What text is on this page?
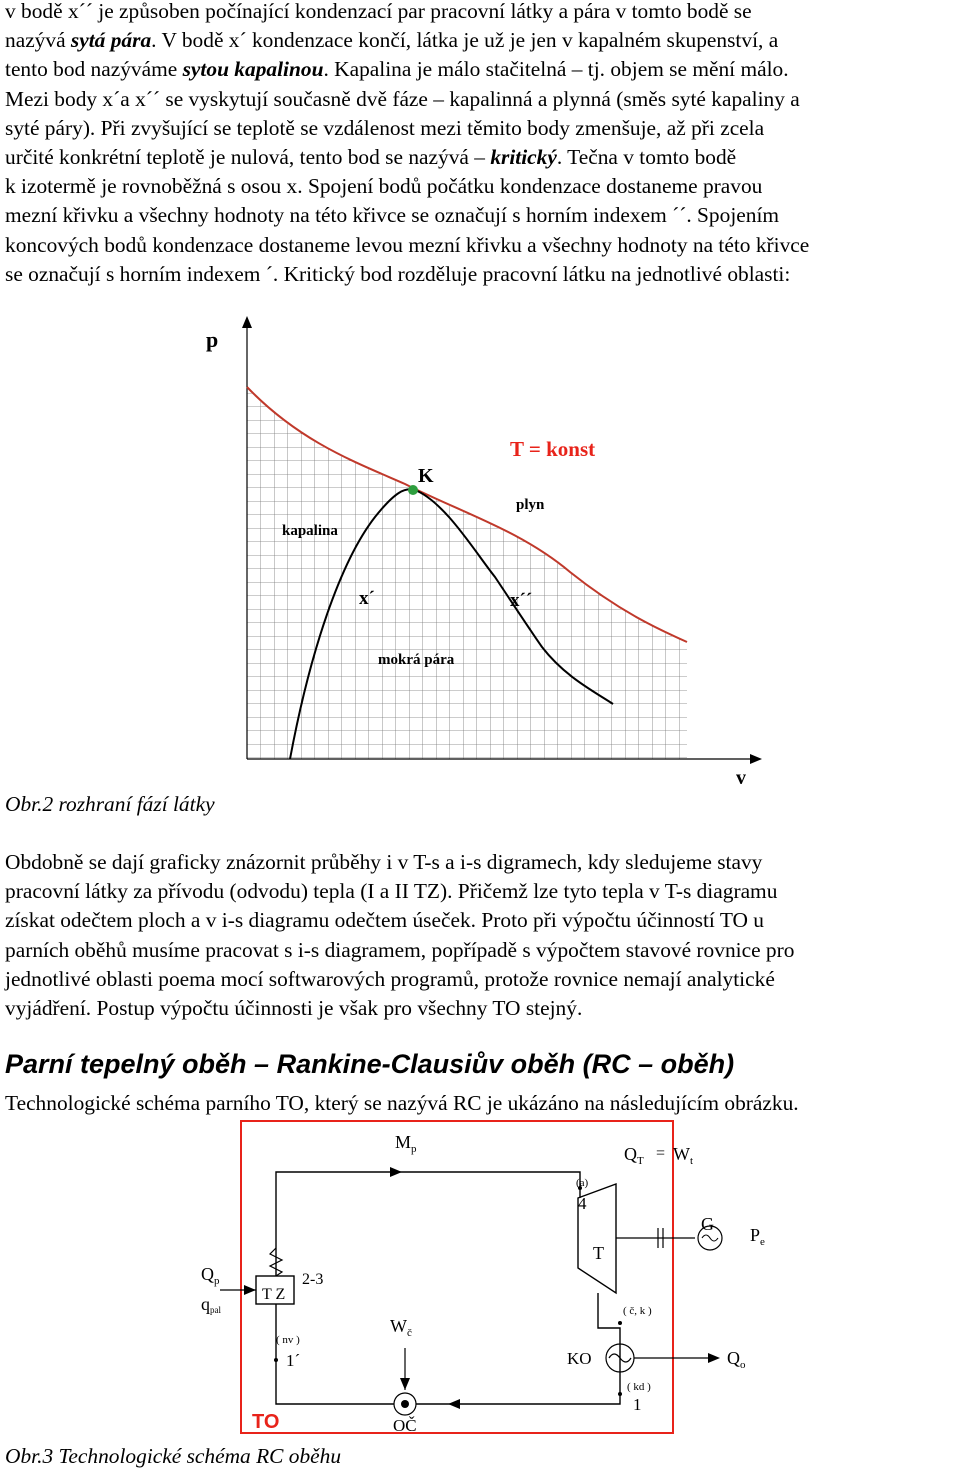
v bodě x´´ je způsoben počínající kondenzací par pracovní látky a pára v tomto bodě se
nazývá sytá pára. V bodě x´ kondenzace končí, látka je už je jen v kapalném skupenství, a
tento bod nazýváme sytou kapalinou. Kapalina je málo stačitelná – tj. objem se mění málo.
Mezi body x´a x´´ se vyskytují současně dvě fáze – kapalinná a plynná (směs syté kapaliny a
syté páry). Při zvyšující se teplotě se vzdálenost mezi těmito body zmenšuje, až při zcela
určité konkrétní teplotě je nulová, tento bod se nazývá – kritický. Tečna v tomto bodě
k izotermě je rovnoběžná s osou x. Spojení bodů počátku kondenzace dostaneme pravou
mezní křivku a všechny hodnoty na této křivce se označují s horním indexem ´´. Spojením
koncových bodů kondenzace dostaneme levou mezní křivku a všechny hodnoty na této křivce
se označují s horním indexem ´. Kritický bod rozděluje pracovní látku na jednotlivé oblasti:

p
v
T = konst
K
plyn
kapalina
x´	x´´
mokrá pára

Obr.2 rozhraní fází látky

Obdobně se dají graficky znázornit průběhy i v T-s a i-s digramech, kdy sledujeme stavy
pracovní látky za přívodu (odvodu) tepla (I a II TZ). Přičemž lze tyto tepla v T-s diagramu
získat odečtem ploch a v i-s diagramu odečtem úseček. Proto při výpočtu účinností TO u
parních oběhů musíme pracovat s i-s diagramem, popřípadě s výpočtem stavové rovnice pro
jednotlivé oblasti poema mocí softwarových programů, protože rovnice nemají analytické
vyjádření. Postup výpočtu účinnosti je však pro všechny TO stejný.

Parní tepelný oběh – Rankine-Clausiův oběh (RC – oběh)

Technologické schéma parního TO, který se nazývá RC je ukázáno na následujícím obrázku.

$M_p$	$Q_T = W_t$
(a)
4
T
G
$P_e$
$Q_p$
qpal
T Z
2-3
( č, k )
$W_č$
( nv )
1´	KO	$Q_o$
( kd )
1
TO	OČ

Obr.3 Technologické schéma RC oběhu
